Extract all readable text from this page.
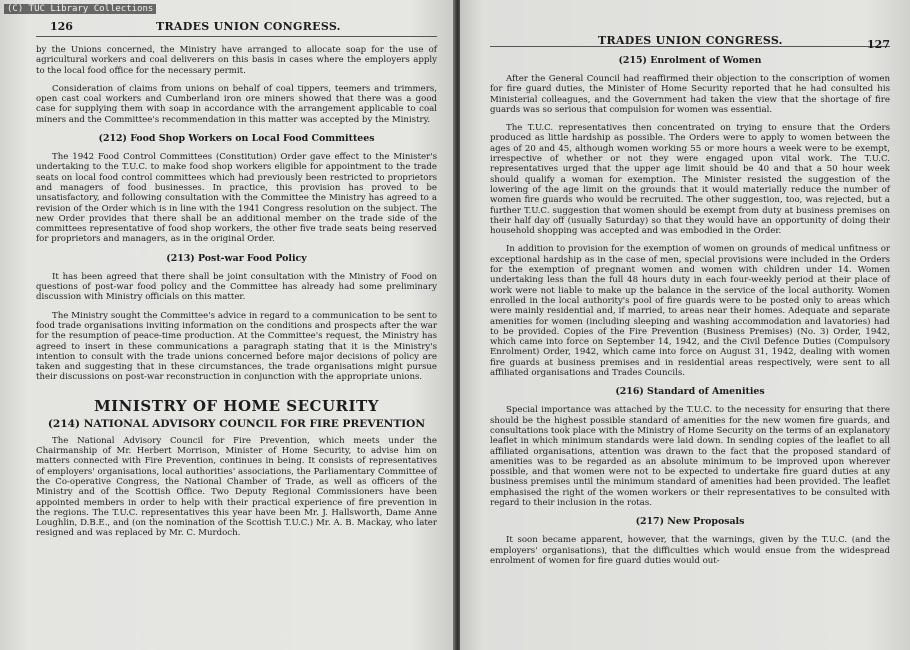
(C) TUC Library Collections
126	TRADES UNION CONGRESS.

by the Unions concerned, the Ministry have arranged to allocate soap for the use of agricultural workers and coal deliverers on this basis in cases where the employers apply to the local food office for the necessary permit.

Consideration of claims from unions on behalf of coal tippers, teemers and trimmers, open cast coal workers and Cumberland iron ore miners showed that there was a good case for supplying them with soap in accordance with the arrangement applicable to coal miners and the Committee's recommendation in this matter was accepted by the Ministry.

(212) Food Shop Workers on Local Food Committees

The 1942 Food Control Committees (Constitution) Order gave effect to the Minister's undertaking to the T.U.C. to make food shop workers eligible for appointment to the trade seats on local food control committees which had previously been restricted to proprietors and managers of food businesses. In practice, this provision has proved to be unsatisfactory, and following consultation with the Committee the Ministry has agreed to a revision of the Order which is in line with the 1941 Congress resolution on the subject. The new Order provides that there shall be an additional member on the trade side of the committees representative of food shop workers, the other five trade seats being reserved for proprietors and managers, as in the original Order.

(213) Post-war Food Policy

It has been agreed that there shall be joint consultation with the Ministry of Food on questions of post-war food policy and the Committee has already had some preliminary discussion with Ministry officials on this matter.

The Ministry sought the Committee's advice in regard to a communication to be sent to food trade organisations inviting information on the conditions and prospects after the war for the resumption of peace-time production. At the Committee's request, the Ministry has agreed to insert in these communications a paragraph stating that it is the Ministry's intention to consult with the trade unions concerned before major decisions of policy are taken and suggesting that in these circumstances, the trade organisations might pursue their discussions on post-war reconstruction in conjunction with the appropriate unions.

MINISTRY OF HOME SECURITY
(214) NATIONAL ADVISORY COUNCIL FOR FIRE PREVENTION

The National Advisory Council for Fire Prevention, which meets under the Chairmanship of Mr. Herbert Morrison, Minister of Home Security, to advise him on matters connected with Fire Prevention, continues in being. It consists of representatives of employers' organisations, local authorities' associations, the Parliamentary Committee of the Co-operative Congress, the National Chamber of Trade, as well as officers of the Ministry and of the Scottish Office. Two Deputy Regional Commissioners have been appointed members in order to help with their practical experience of fire prevention in the regions. The T.U.C. representatives this year have been Mr. J. Hallsworth, Dame Anne Loughlin, D.B.E., and (on the nomination of the Scottish T.U.C.) Mr. A. B. Mackay, who later resigned and was replaced by Mr. C. Murdoch.

TRADES UNION CONGRESS.	127
(215) Enrolment of Women

After the General Council had reaffirmed their objection to the conscription of women for fire guard duties, the Minister of Home Security reported that he had consulted his Ministerial colleagues, and the Government had taken the view that the shortage of fire guards was so serious that compulsion for women was essential.

The T.U.C. representatives then concentrated on trying to ensure that the Orders produced as little hardship as possible. The Orders were to apply to women between the ages of 20 and 45, although women working 55 or more hours a week were to be exempt, irrespective of whether or not they were engaged upon vital work. The T.U.C. representatives urged that the upper age limit should be 40 and that a 50 hour week should qualify a woman for exemption. The Minister resisted the suggestion of the lowering of the age limit on the grounds that it would materially reduce the number of women fire guards who would be recruited. The other suggestion, too, was rejected, but a further T.U.C. suggestion that women should be exempt from duty at business premises on their half day off (usually Saturday) so that they would have an opportunity of doing their household shopping was accepted and was embodied in the Order.

In addition to provision for the exemption of women on grounds of medical unfitness or exceptional hardship as in the case of men, special provisions were included in the Orders for the exemption of pregnant women and women with children under 14. Women undertaking less than the full 48 hours duty in each four-weekly period at their place of work were not liable to make up the balance in the service of the local authority. Women enrolled in the local authority's pool of fire guards were to be posted only to areas which were mainly residential and, if married, to areas near their homes. Adequate and separate amenities for women (including sleeping and washing accommodation and lavatories) had to be provided. Copies of the Fire Prevention (Business Premises) (No. 3) Order, 1942, which came into force on September 14, 1942, and the Civil Defence Duties (Compulsory Enrolment) Order, 1942, which came into force on August 31, 1942, dealing with women fire guards at business premises and in residential areas respectively, were sent to all affiliated organisations and Trades Councils.

(216) Standard of Amenities

Special importance was attached by the T.U.C. to the necessity for ensuring that there should be the highest possible standard of amenities for the new women fire guards, and consultations took place with the Ministry of Home Security on the terms of an explanatory leaflet in which minimum standards were laid down. In sending copies of the leaflet to all affiliated organisations, attention was drawn to the fact that the proposed standard of amenities was to be regarded as an absolute minimum to be improved upon wherever possible, and that women were not to be expected to undertake fire guard duties at any business premises until the minimum standard of amenities had been provided. The leaflet emphasised the right of the women workers or their representatives to be consulted with regard to their inclusion in the rotas.

(217) New Proposals

It soon became apparent, however, that the warnings, given by the T.U.C. (and the employers' organisations), that the difficulties which would ensue from the widespread enrolment of women for fire guard duties would out-
